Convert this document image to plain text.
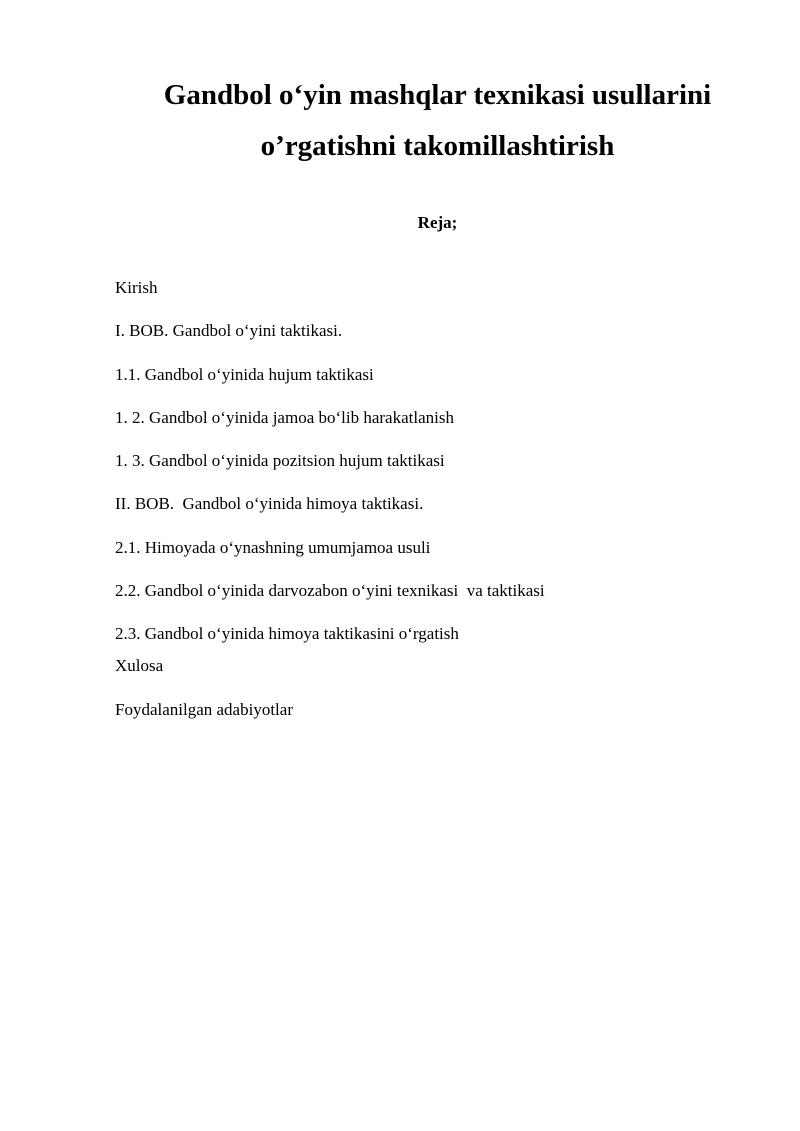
Gandbol o‘yin mashqlar texnikasi usullarini
o’rgatishni takomillashtirish
Reja;
Kirish
I. BOB. Gandbol o‘yini taktikasi.
1.1. Gandbol o‘yinida hujum taktikasi
1. 2. Gandbol o‘yinida jamoa bo‘lib harakatlanish
1. 3. Gandbol o‘yinida pozitsion hujum taktikasi
II. BOB.  Gandbol o‘yinida himoya taktikasi.
2.1. Himoyada o‘ynashning umumjamoa usuli
2.2. Gandbol o‘yinida darvozabon o‘yini texnikasi  va taktikasi
2.3. Gandbol o‘yinida himoya taktikasini o‘rgatish
Xulosa
Foydalanilgan adabiyotlar
